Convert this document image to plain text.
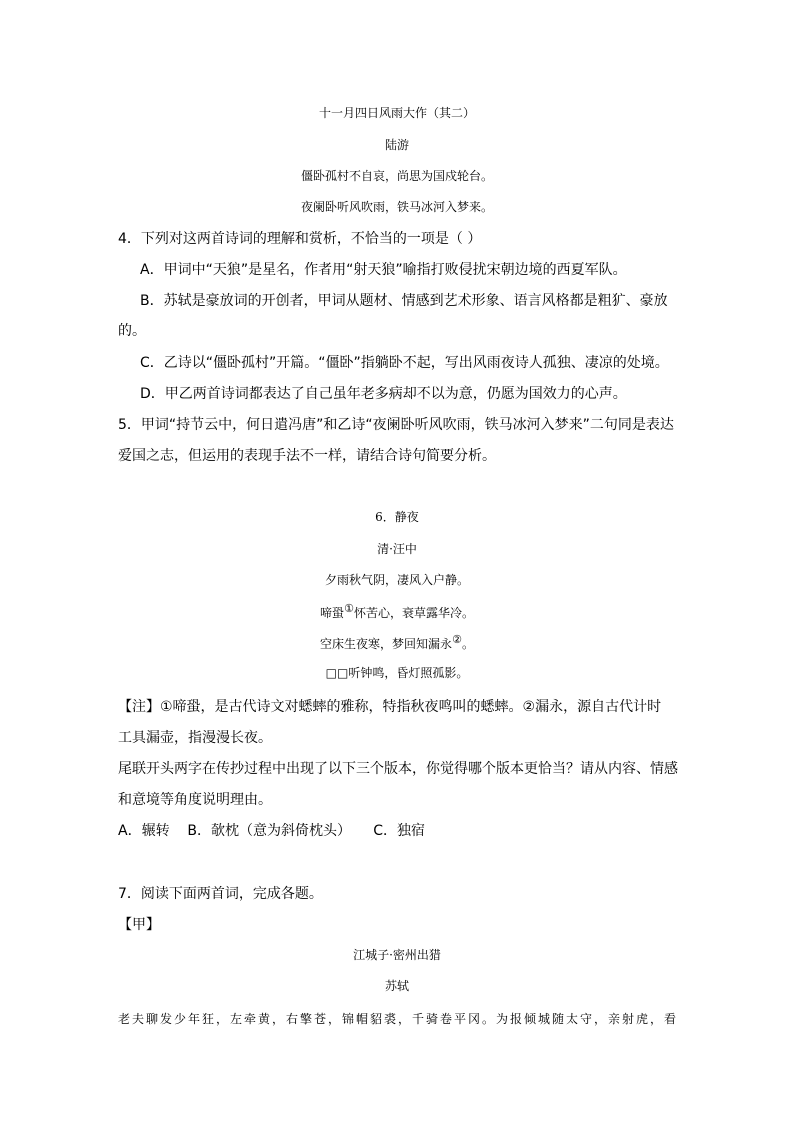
十一月四日风雨大作（其二）

陆游

僵卧孤村不自哀，尚思为国戍轮台。

夜阑卧听风吹雨，铁马冰河入梦来。

4．下列对这两首诗词的理解和赏析，不恰当的一项是（ ）

A．甲词中“天狼”是星名，作者用“射天狼”喻指打败侵扰宋朝边境的西夏军队。

B．苏轼是豪放词的开创者，甲词从题材、情感到艺术形象、语言风格都是粗犷、豪放

的。

C．乙诗以“僵卧孤村”开篇。“僵卧”指躺卧不起，写出风雨夜诗人孤独、凄凉的处境。

D．甲乙两首诗词都表达了自己虽年老多病却不以为意，仍愿为国效力的心声。

5．甲词“持节云中，何日遣冯唐”和乙诗“夜阑卧听风吹雨，铁马冰河入梦来”二句同是表达

爱国之志，但运用的表现手法不一样，请结合诗句简要分析。

6．静夜

清·汪中

夕雨秋气阴，凄风入户静。

啼蛩①怀苦心，衰草露华冷。

空床生夜寒，梦回知漏永②。

□□听钟鸣，昏灯照孤影。

【注】①啼蛩，是古代诗文对蟋蟀的雅称，特指秋夜鸣叫的蟋蟀。②漏永，源自古代计时

工具漏壶，指漫漫长夜。

尾联开头两字在传抄过程中出现了以下三个版本，你觉得哪个版本更恰当？请从内容、情感

和意境等角度说明理由。

A．辗转    B．欹枕（意为斜倚枕头）     C．独宿

7．阅读下面两首词，完成各题。

【甲】

江城子·密州出猎

苏轼

老夫聊发少年狂，左牵黄，右擎苍，锦帽貂裘，千骑卷平冈。为报倾城随太守，亲射虎，看
